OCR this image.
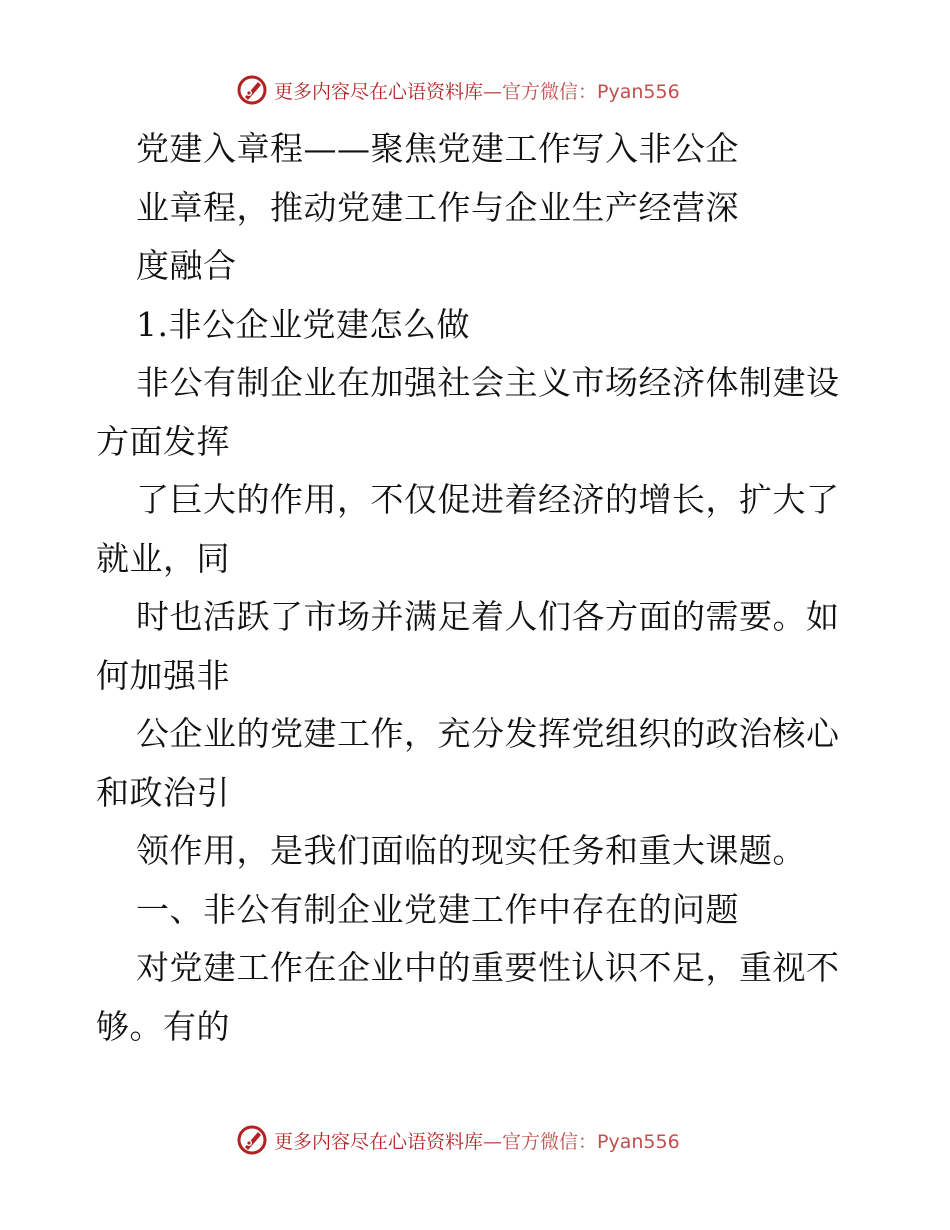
更多内容尽在心语资料库—官方微信：Pyan556
党建入章程——聚焦党建工作写入非公企
业章程，推动党建工作与企业生产经营深
度融合
1.非公企业党建怎么做
非公有制企业在加强社会主义市场经济体制建设
方面发挥
了巨大的作用，不仅促进着经济的增长，扩大了
就业，同
时也活跃了市场并满足着人们各方面的需要。如
何加强非
公企业的党建工作，充分发挥党组织的政治核心
和政治引
领作用，是我们面临的现实任务和重大课题。
一、非公有制企业党建工作中存在的问题
对党建工作在企业中的重要性认识不足，重视不
够。有的
更多内容尽在心语资料库—官方微信：Pyan556
